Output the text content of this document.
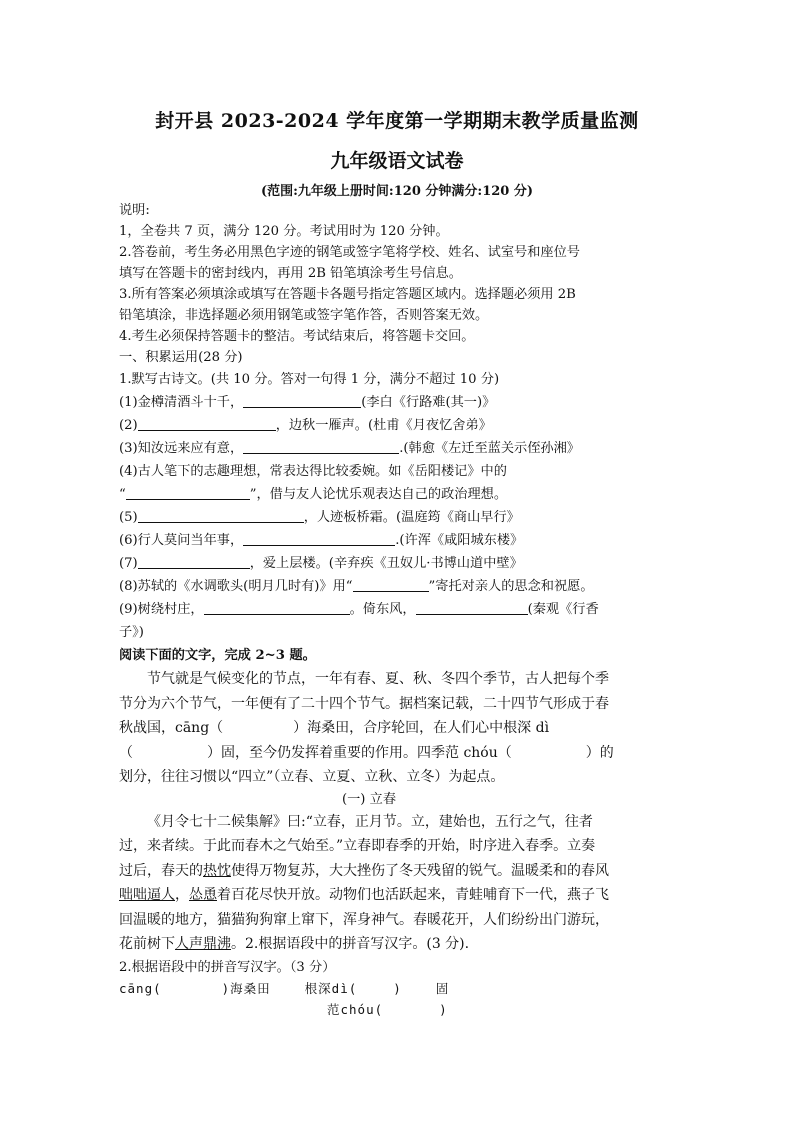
封开县 2023-2024 学年度第一学期期末教学质量监测
九年级语文试卷
(范围:九年级上册时间:120 分钟满分:120 分)
说明:
1，全卷共 7 页，满分 120 分。考试用时为 120 分钟。
2.答卷前，考生务必用黑色字迹的钢笔或签字笔将学校、姓名、试室号和座位号
填写在答题卡的密封线内，再用 2B 铅笔填涂考生号信息。
3.所有答案必须填涂或填写在答题卡各题号指定答题区域内。选择题必须用 2B
铅笔填涂，非选择题必须用钢笔或签字笔作答，否则答案无效。
4.考生必须保持答题卡的整洁。考试结束后，将答题卡交回。
一、积累运用(28 分)
1.默写古诗文。(共 10 分。答对一句得 1 分，满分不超过 10 分)
(1)金樽清酒斗十千，	(李白《行路难(其一)》
(2)	，边秋一雁声。(杜甫《月夜忆舍弟》
(3)知汝远来应有意，	.(韩愈《左迁至蓝关示侄孙湘》
(4)古人笔下的志趣理想，常表达得比较委婉。如《岳阳楼记》中的
“	”，借与友人论忧乐观表达自己的政治理想。
(5)	，人迹板桥霜。(温庭筠《商山早行》
(6)行人莫问当年事，	.(许浑《咸阳城东楼》
(7)	，爱上层楼。(辛弃疾《丑奴儿·书博山道中壁》
(8)苏轼的《水调歌头(明月几时有)》用“	”寄托对亲人的思念和祝愿。
(9)树绕村庄，	。倚东风，	(秦观《行香
子》)
阅读下面的文字，完成 2~3 题。
节气就是气候变化的节点，一年有春、夏、秋、冬四个季节，古人把每个季
节分为六个节气，一年便有了二十四个节气。据档案记载，二十四节气形成于春
秋战国，cāng（	）海桑田，合序轮回，在人们心中根深 dì
（	）固，至今仍发挥着重要的作用。四季范 chóu（	）的
划分，往往习惯以“四立”（立春、立夏、立秋、立冬）为起点。
(一) 立春
《月令七十二候集解》曰:“立春，正月节。立，建始也，五行之气，往者
过，来者续。于此而春木之气始至。”立春即春季的开始，时序进入春季。立奏
过后，春天的热忱使得万物复苏，大大挫伤了冬天残留的锐气。温暖柔和的春风
咄咄逼人，怂恿着百花尽快开放。动物们也活跃起来，青蛙哺育下一代，燕子飞
回温暖的地方，猫猫狗狗窜上窜下，浑身神气。春暖花开，人们纷纷出门游玩，
花前树下人声鼎沸。2.根据语段中的拼音写汉字。(3 分).
2.根据语段中的拼音写汉字。（3 分）
cāng(	)海桑田	根深dì(	)	固
范chóu(	)
